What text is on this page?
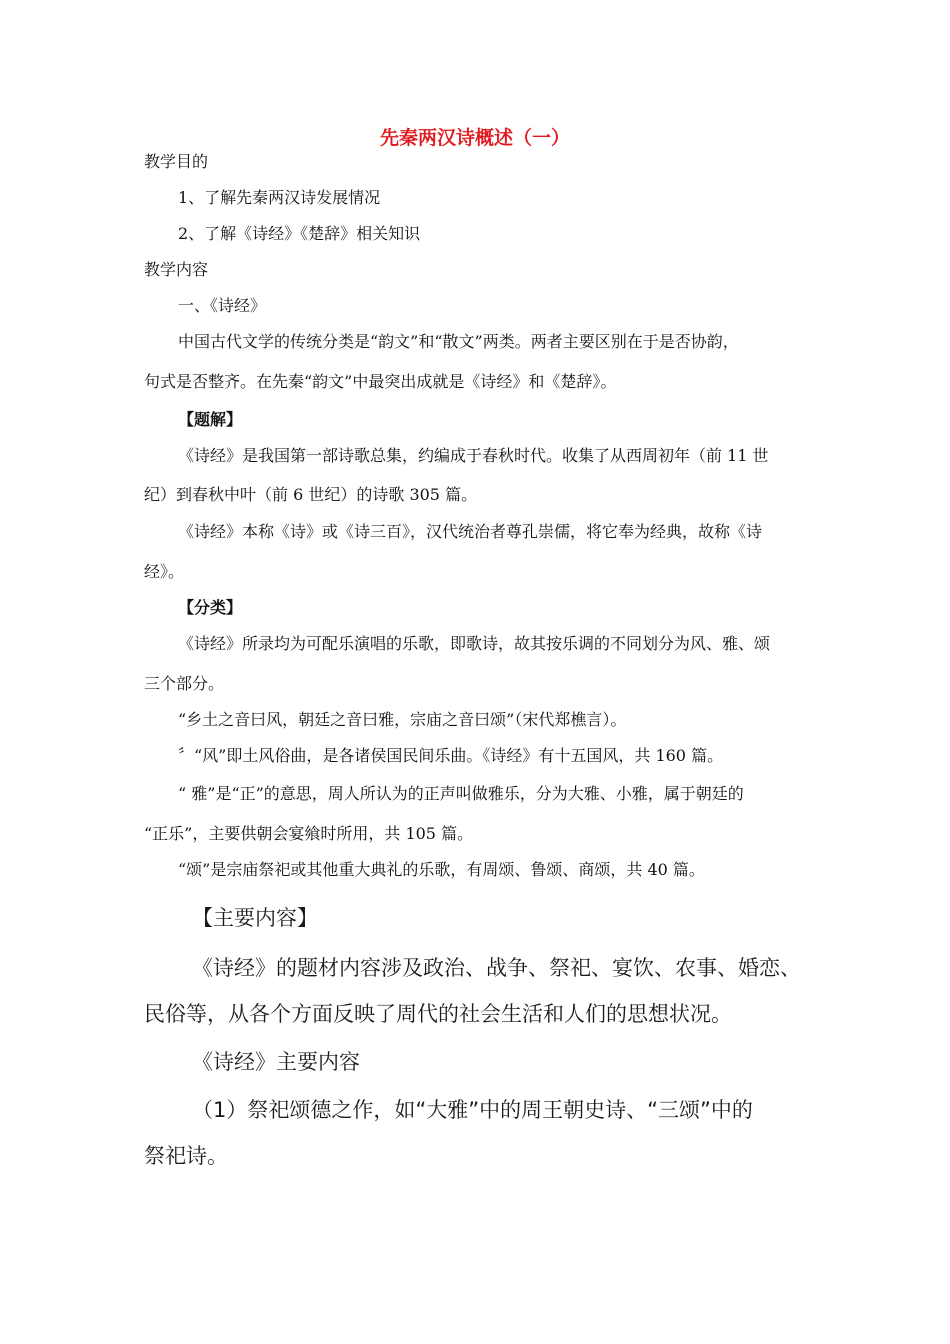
先秦两汉诗概述（一）
教学目的
1、了解先秦两汉诗发展情况
2、了解《诗经》《楚辞》相关知识
教学内容
一、《诗经》
中国古代文学的传统分类是“韵文”和“散文”两类。两者主要区别在于是否协韵，
句式是否整齐。在先秦“韵文”中最突出成就是《诗经》和《楚辞》。
【题解】
《诗经》是我国第一部诗歌总集，约编成于春秋时代。收集了从西周初年（前 11 世
纪）到春秋中叶（前 6 世纪）的诗歌 305 篇。
《诗经》本称《诗》或《诗三百》，汉代统治者尊孔崇儒，将它奉为经典，故称《诗
经》。
【分类】
《诗经》所录均为可配乐演唱的乐歌，即歌诗，故其按乐调的不同划分为风、雅、颂
三个部分。
“乡土之音曰风，朝廷之音曰雅，宗庙之音曰颂”（宋代郑樵言）。
〞“风”即土风俗曲，是各诸侯国民间乐曲。《诗经》有十五国风，共 160 篇。
“ 雅”是“正”的意思，周人所认为的正声叫做雅乐，分为大雅、小雅，属于朝廷的
“正乐”，主要供朝会宴飨时所用，共 105 篇。
“颂”是宗庙祭祀或其他重大典礼的乐歌，有周颂、鲁颂、商颂，共 40 篇。
【主要内容】
《诗经》的题材内容涉及政治、战争、祭祀、宴饮、农事、婚恋、
民俗等，从各个方面反映了周代的社会生活和人们的思想状况。
《诗经》主要内容
（1）祭祀颂德之作，如“大雅”中的周王朝史诗、“三颂”中的
祭祀诗。
